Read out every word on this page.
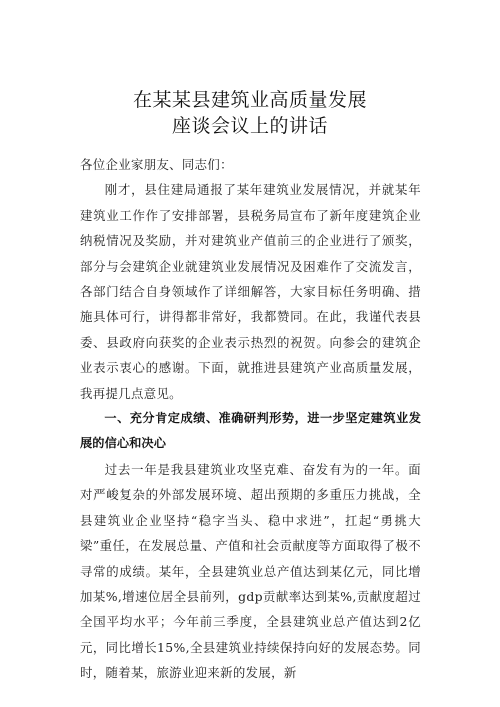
在某某县建筑业高质量发展
座谈会议上的讲话

各位企业家朋友、同志们：

刚才，县住建局通报了某年建筑业发展情况，并就某年建筑业工作作了安排部署，县税务局宣布了新年度建筑企业纳税情况及奖励，并对建筑业产值前三的企业进行了颁奖，部分与会建筑企业就建筑业发展情况及困难作了交流发言，各部门结合自身领域作了详细解答，大家目标任务明确、措施具体可行，讲得都非常好，我都赞同。在此，我谨代表县委、县政府向获奖的企业表示热烈的祝贺。向参会的建筑企业表示衷心的感谢。下面，就推进县建筑产业高质量发展，我再提几点意见。

一、充分肯定成绩、准确研判形势，进一步坚定建筑业发展的信心和决心

过去一年是我县建筑业攻坚克难、奋发有为的一年。面对严峻复杂的外部发展环境、超出预期的多重压力挑战，全县建筑业企业坚持“稳字当头、稳中求进”，扛起“勇挑大梁”重任，在发展总量、产值和社会贡献度等方面取得了极不寻常的成绩。某年，全县建筑业总产值达到某亿元，同比增加某%,增速位居全县前列，gdp贡献率达到某%,贡献度超过全国平均水平；今年前三季度，全县建筑业总产值达到2亿元，同比增长15%,全县建筑业持续保持向好的发展态势。同时，随着某，旅游业迎来新的发展，新
